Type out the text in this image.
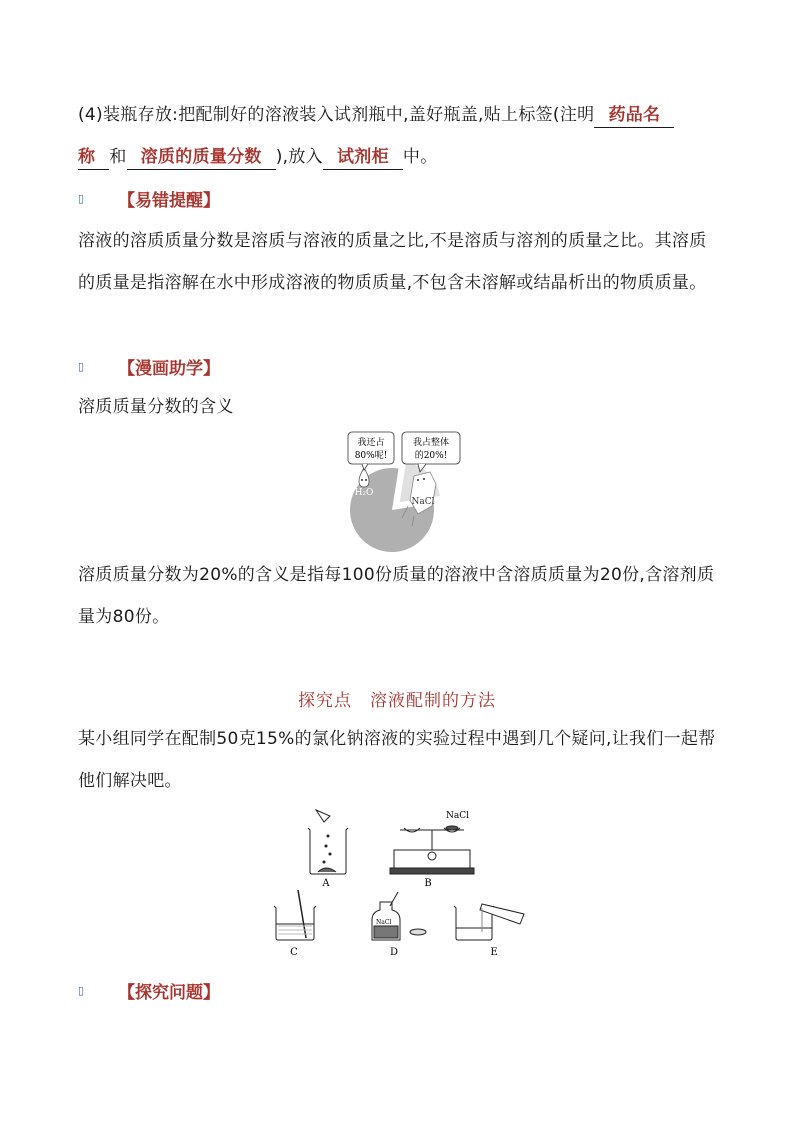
(4)装瓶存放:把配制好的溶液装入试剂瓶中,盖好瓶盖,贴上标签(注明 药品名
称 和 溶质的质量分数 ),放入 试剂柜 中。

▯	【易错提醒】

溶液的溶质质量分数是溶质与溶液的质量之比,不是溶质与溶剂的质量之比。其溶质的质量是指溶解在水中形成溶液的物质质量,不包含未溶解或结晶析出的物质质量。

▯	【漫画助学】

溶质质量分数的含义

我还占
80%呢!
我占整体
的20%!
H₂O
NaCl

溶质质量分数为20%的含义是指每100份质量的溶液中含溶质质量为20份,含溶剂质量为80份。

探究点　溶液配制的方法

某小组同学在配制50克15%的氯化钠溶液的实验过程中遇到几个疑问,让我们一起帮他们解决吧。

A
NaCl
B
C
NaCl
D	E
▯	【探究问题】
